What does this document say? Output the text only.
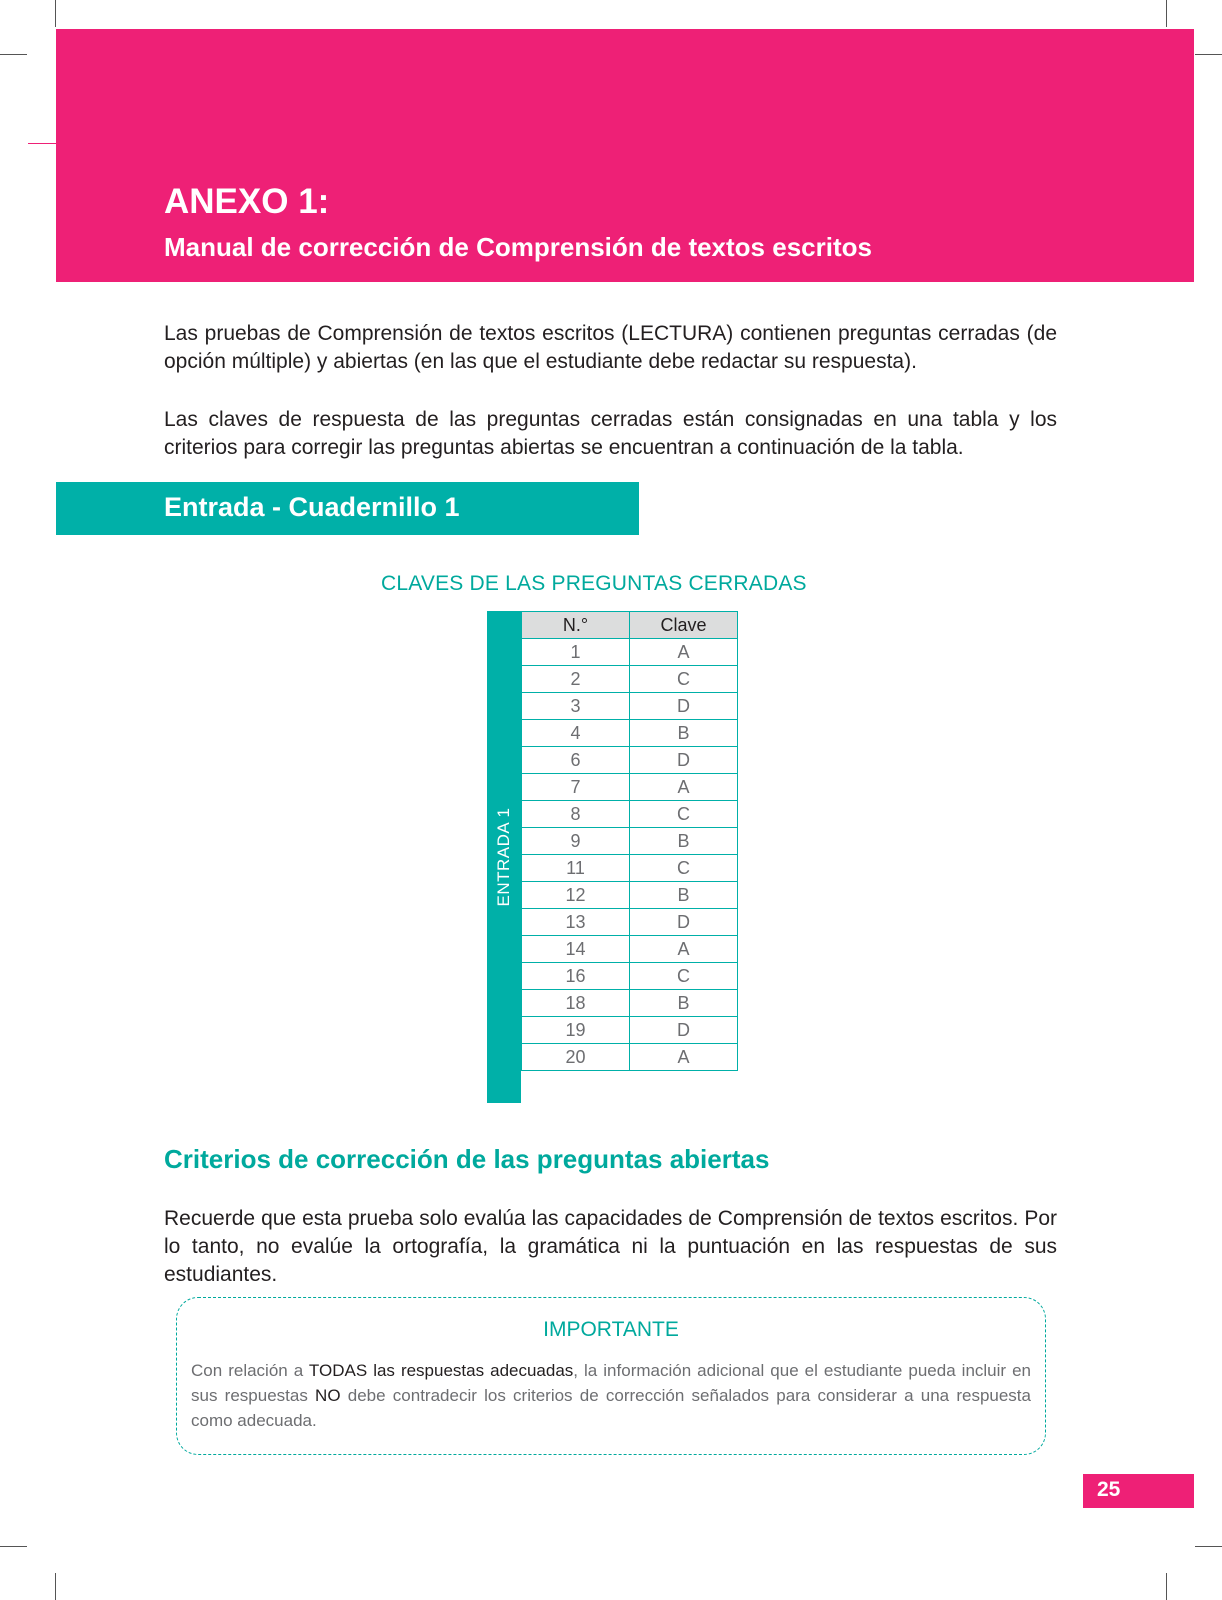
ANEXO 1:
Manual de corrección de Comprensión de textos escritos

Las pruebas de Comprensión de textos escritos (LECTURA) contienen preguntas cerradas (de opción múltiple) y abiertas (en las que el estudiante debe redactar su respuesta).

Las claves de respuesta de las preguntas cerradas están consignadas en una tabla y los criterios para corregir las preguntas abiertas se encuentran a continuación de la tabla.

Entrada - Cuadernillo 1
CLAVES DE LAS PREGUNTAS CERRADAS
ENTRADA 1
N.°	Clave
1	A
2	C
3	D
4	B
6	D
7	A
8	C
9	B
11	C
12	B
13	D
14	A
16	C
18	B
19	D
20	A
Criterios de corrección de las preguntas abiertas

Recuerde que esta prueba solo evalúa las capacidades de Comprensión de textos escritos. Por lo tanto, no evalúe la ortografía, la gramática ni la puntuación en las respuestas de sus estudiantes.

IMPORTANTE

Con relación a TODAS las respuestas adecuadas, la información adicional que el estudiante pueda incluir en sus respuestas NO debe contradecir los criterios de corrección señalados para considerar a una respuesta como adecuada.

25
